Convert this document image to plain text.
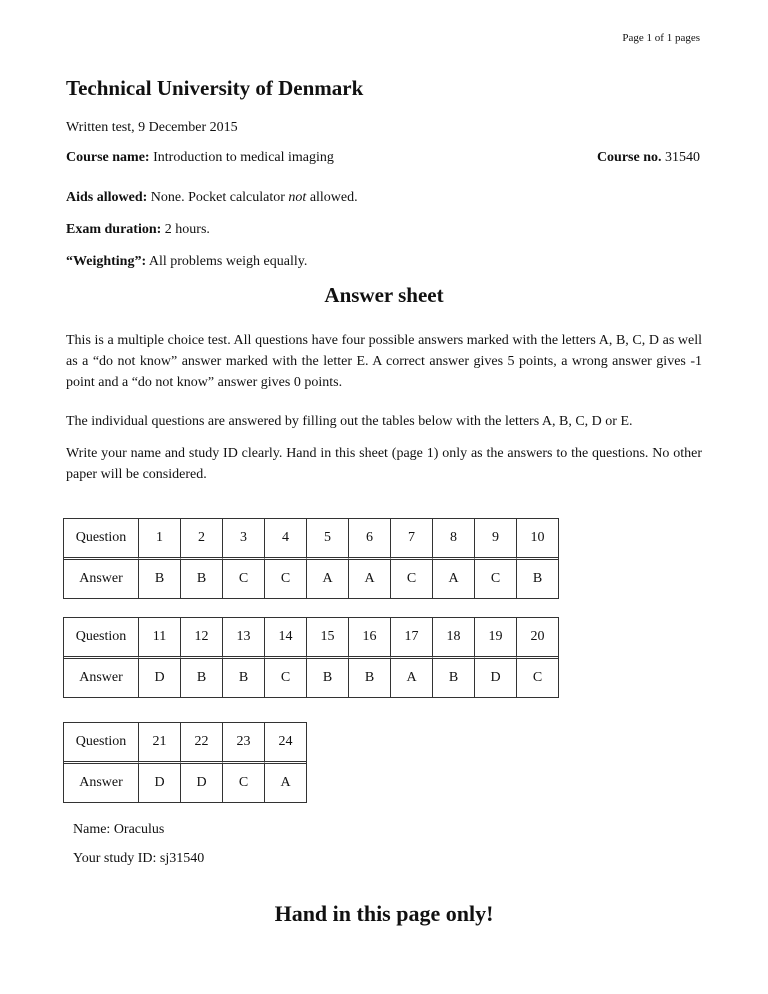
Page 1 of 1 pages
Technical University of Denmark
Written test, 9 December 2015
Course name: Introduction to medical imaging	Course no. 31540
Aids allowed: None. Pocket calculator not allowed.
Exam duration: 2 hours.
“Weighting”: All problems weigh equally.
Answer sheet

This is a multiple choice test. All questions have four possible answers marked with the letters A, B, C, D as well as a “do not know” answer marked with the letter E. A correct answer gives 5 points, a wrong answer gives -1 point and a “do not know” answer gives 0 points.

The individual questions are answered by filling out the tables below with the letters A, B, C, D or E.

Write your name and study ID clearly. Hand in this sheet (page 1) only as the answers to the questions. No other paper will be considered.

Question	1	2	3	4	5	6	7	8	9	10
Answer	B	B	C	C	A	A	C	A	C	B
Question	11	12	13	14	15	16	17	18	19	20
Answer	D	B	B	C	B	B	A	B	D	C
Question	21	22	23	24
Answer	D	D	C	A
Name: Oraculus
Your study ID: sj31540
Hand in this page only!
